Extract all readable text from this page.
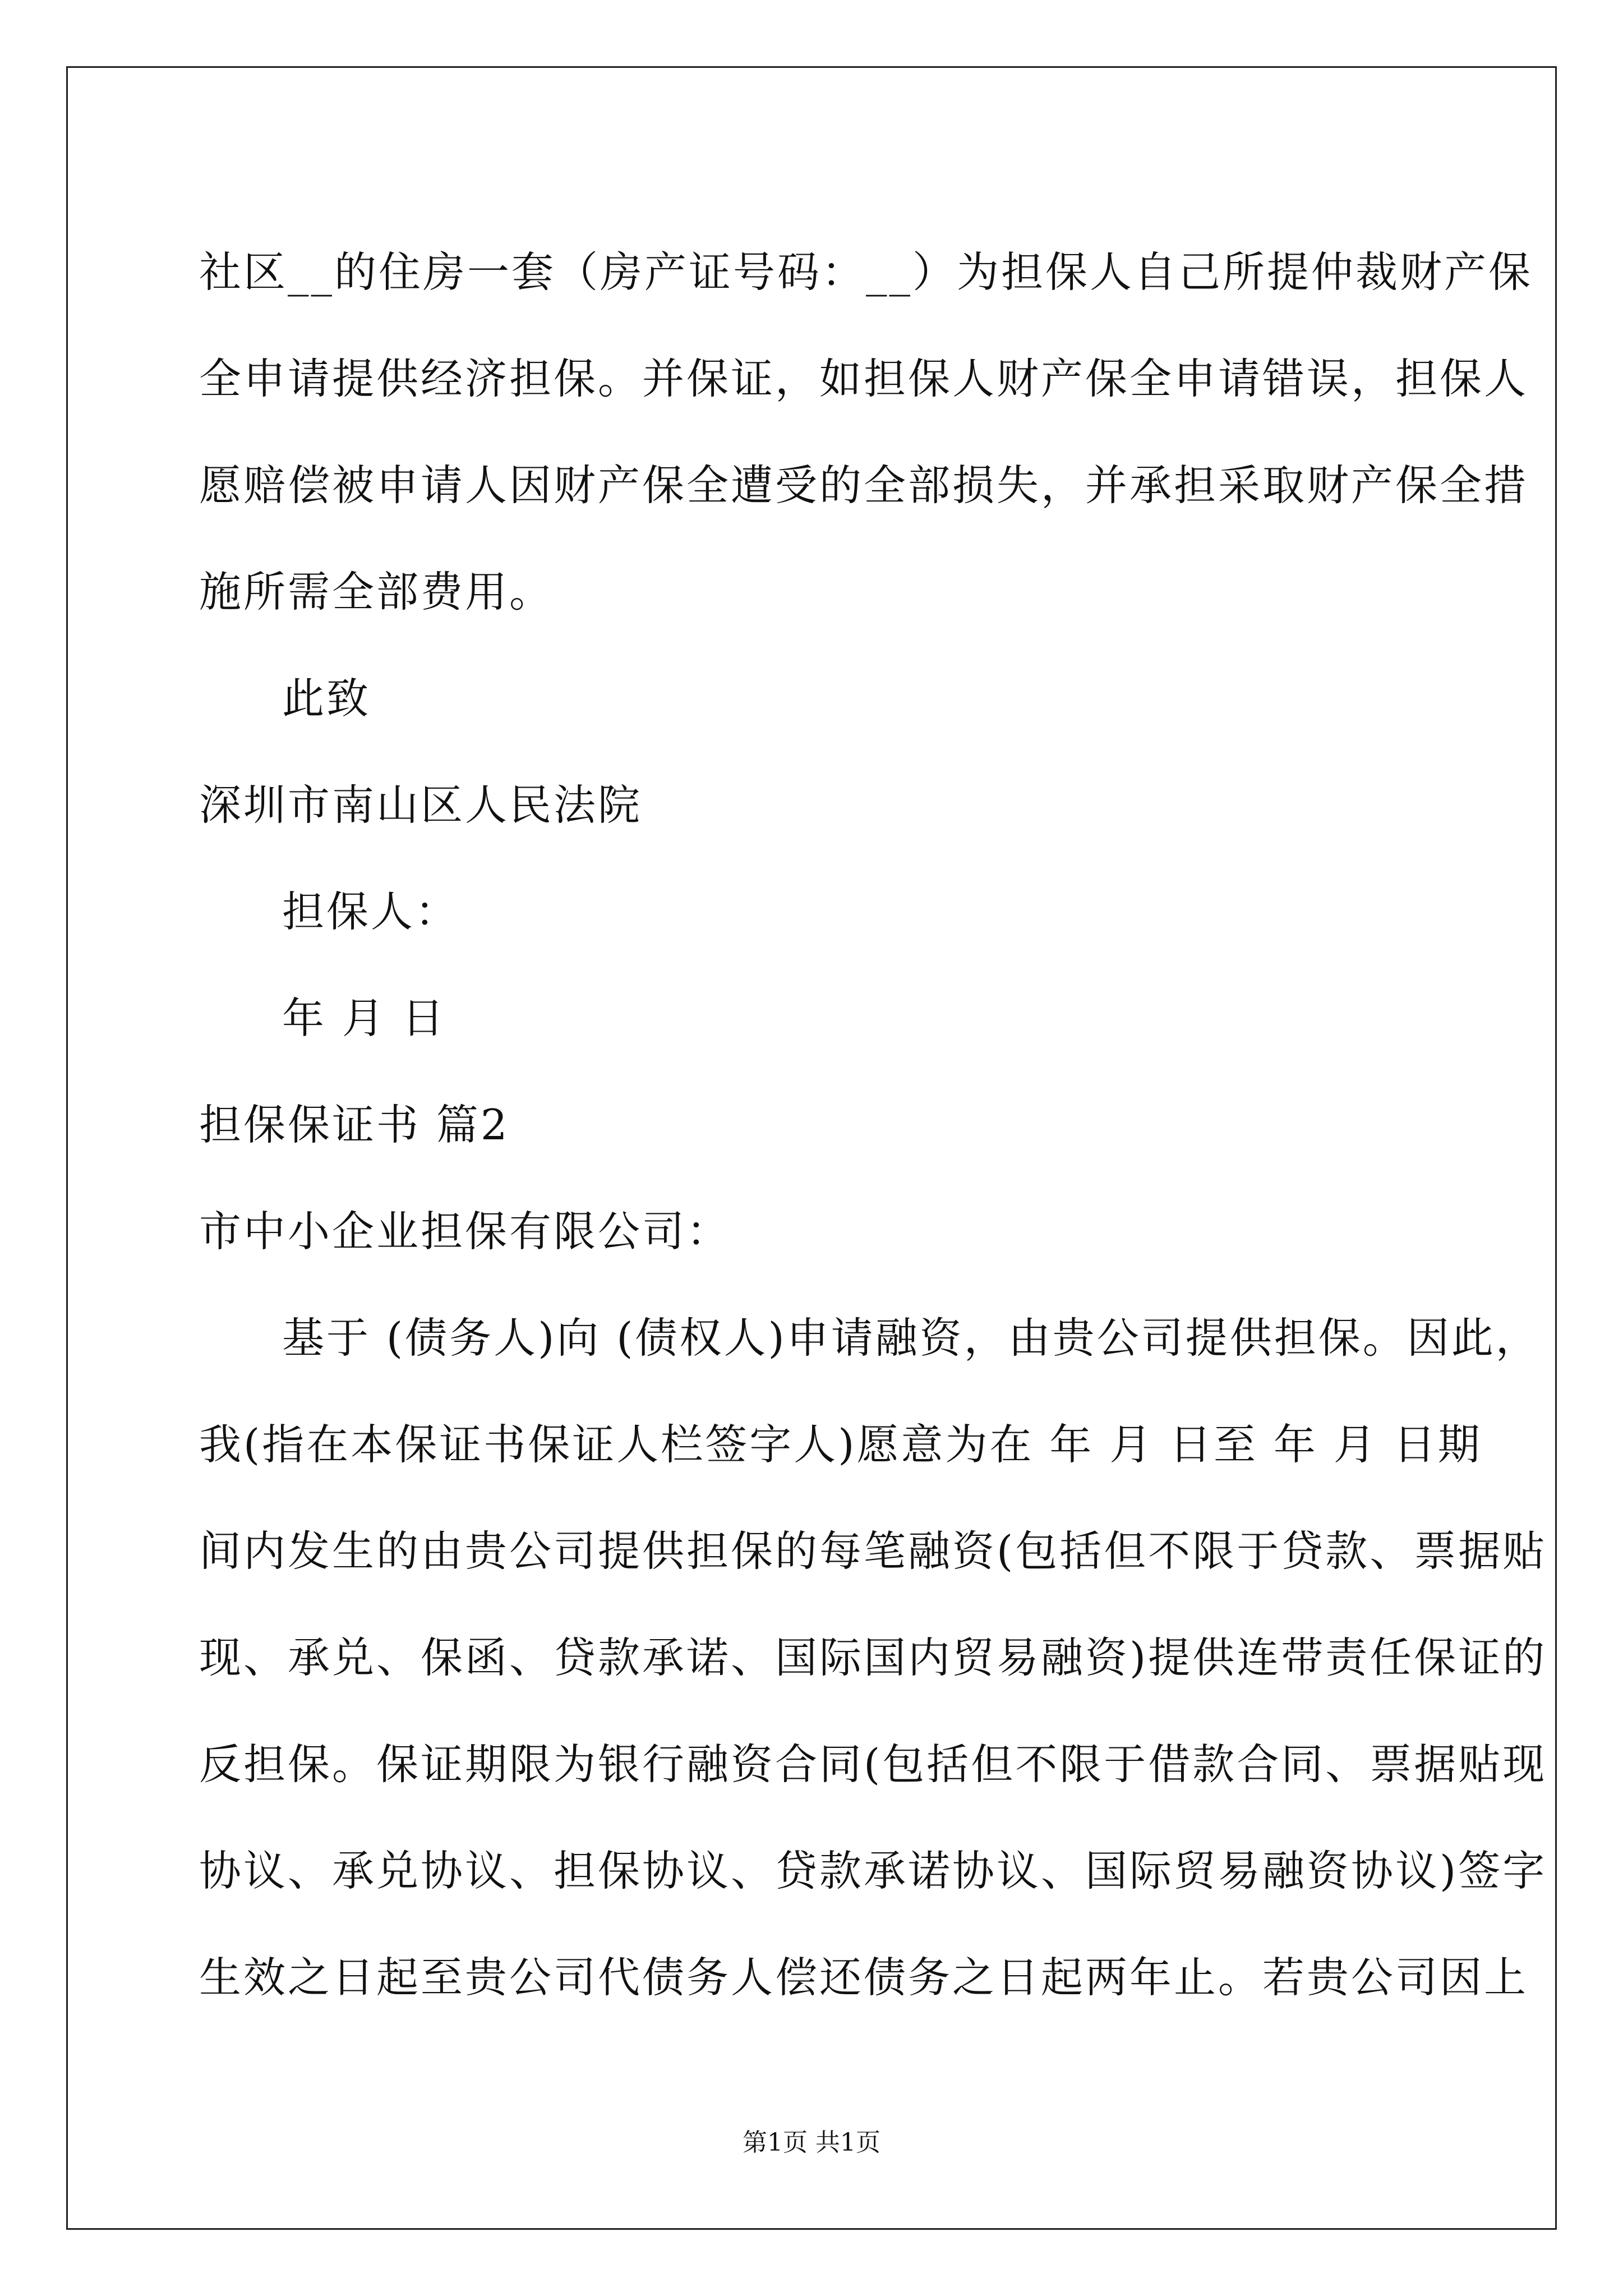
社区__的住房一套（房产证号码：__）为担保人自己所提仲裁财产保
全申请提供经济担保。并保证，如担保人财产保全申请错误，担保人
愿赔偿被申请人因财产保全遭受的全部损失，并承担采取财产保全措
施所需全部费用。
此致
深圳市南山区人民法院
担保人：
年 月 日
担保保证书 篇2
市中小企业担保有限公司：
基于 (债务人)向 (债权人)申请融资，由贵公司提供担保。因此，
我(指在本保证书保证人栏签字人)愿意为在 年 月 日至 年 月 日期
间内发生的由贵公司提供担保的每笔融资(包括但不限于贷款、票据贴
现、承兑、保函、贷款承诺、国际国内贸易融资)提供连带责任保证的
反担保。保证期限为银行融资合同(包括但不限于借款合同、票据贴现
协议、承兑协议、担保协议、贷款承诺协议、国际贸易融资协议)签字
生效之日起至贵公司代债务人偿还债务之日起两年止。若贵公司因上
第1页 共1页
